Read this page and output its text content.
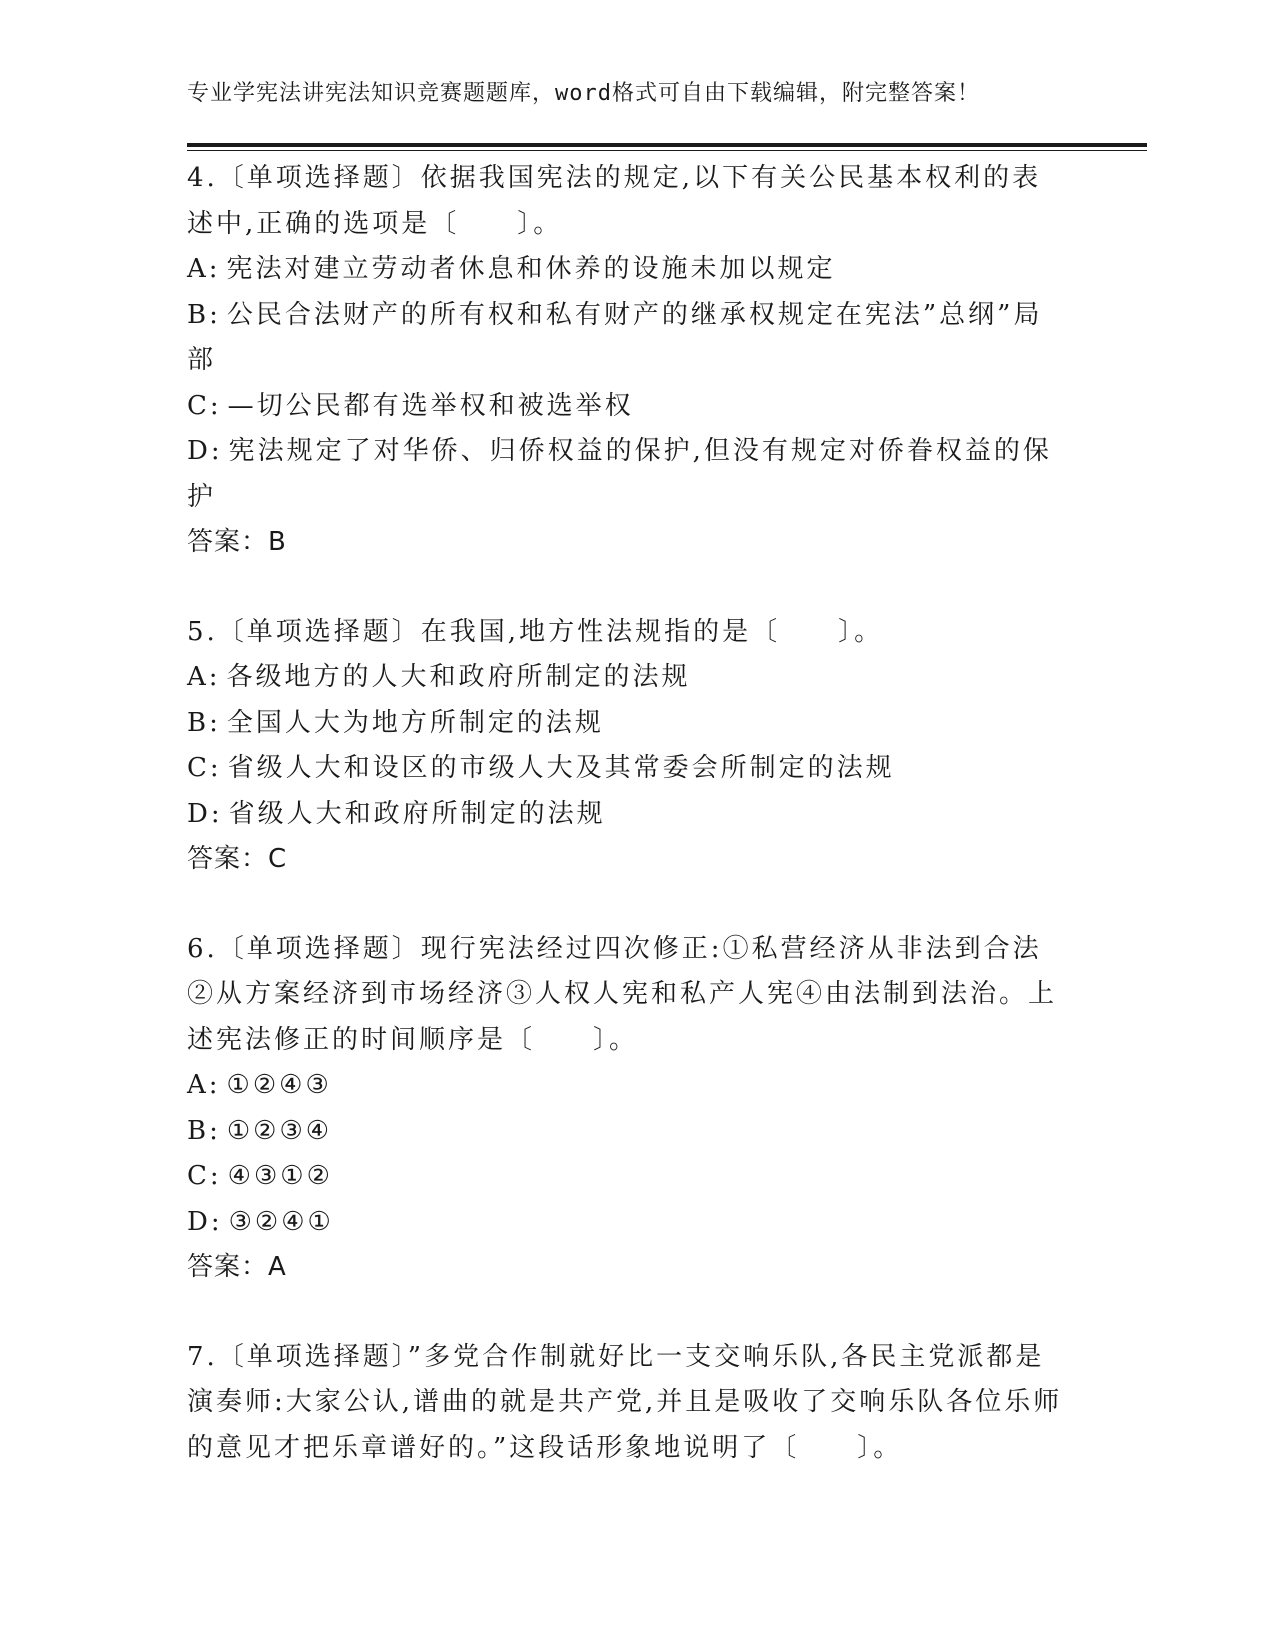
专业学宪法讲宪法知识竞赛题题库，word格式可自由下载编辑，附完整答案！

4.〔单项选择题〕依据我国宪法的规定,以下有关公民基本权利的表述中,正确的选项是〔　　〕。

A: 宪法对建立劳动者休息和休养的设施未加以规定

B: 公民合法财产的所有权和私有财产的继承权规定在宪法”总纲”局部

C: —切公民都有选举权和被选举权

D: 宪法规定了对华侨、归侨权益的保护,但没有规定对侨眷权益的保护

答案：B

5.〔单项选择题〕在我国,地方性法规指的是〔　　〕。

A: 各级地方的人大和政府所制定的法规

B: 全国人大为地方所制定的法规

C: 省级人大和设区的市级人大及其常委会所制定的法规

D: 省级人大和政府所制定的法规

答案：C

6.〔单项选择题〕现行宪法经过四次修正:①私营经济从非法到合法②从方案经济到市场经济③人权人宪和私产人宪④由法制到法治。上述宪法修正的时间顺序是〔　　〕。

A: ①②④③

B: ①②③④

C: ④③①②

D: ③②④①

答案：A

7.〔单项选择题〕”多党合作制就好比一支交响乐队,各民主党派都是演奏师:大家公认,谱曲的就是共产党,并且是吸收了交响乐队各位乐师的意见才把乐章谱好的。”这段话形象地说明了〔　　〕。
